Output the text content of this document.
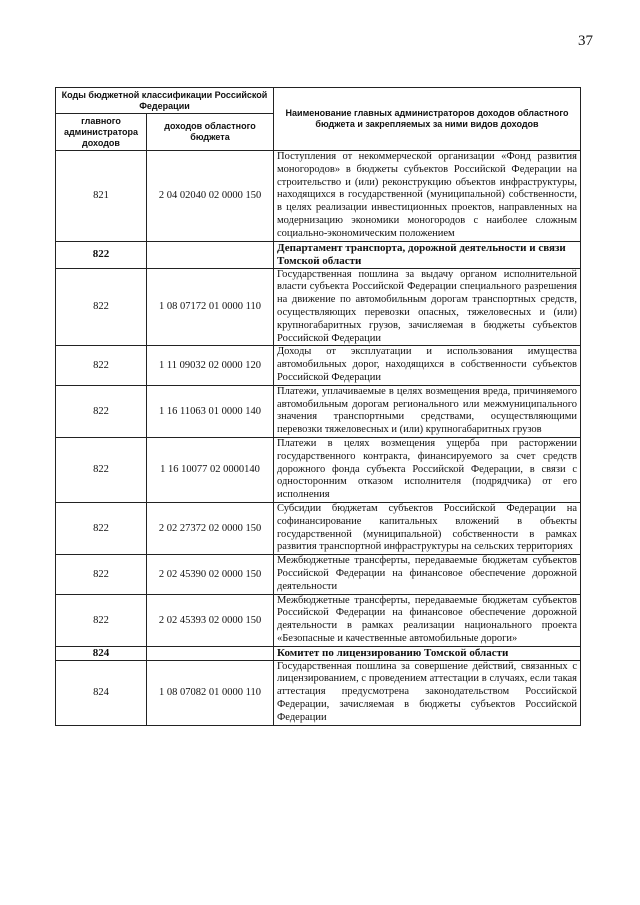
37
Коды бюджетной классификации Российской Федерации		Наименование главных администраторов доходов областного бюджета и закрепляемых за ними видов доходов
главного администратора доходов	доходов областного бюджета	
821	2 04 02040 02 0000 150	Поступления от некоммерческой организации «Фонд развития моногородов» в бюджеты субъектов Российской Федерации на строительство и (или) реконструкцию объектов инфраструктуры, находящихся в государственной (муниципальной) собственности, в целях реализации инвестиционных проектов, направленных на модернизацию экономики моногородов с наиболее сложным социально-экономическим положением
822		Департамент транспорта, дорожной деятельности и связи Томской области
822	1 08 07172 01 0000 110	Государственная пошлина за выдачу органом исполнительной власти субъекта Российской Федерации специального разрешения на движение по автомобильным дорогам транспортных средств, осуществляющих перевозки опасных, тяжеловесных и (или) крупногабаритных грузов, зачисляемая в бюджеты субъектов Российской Федерации
822	1 11 09032 02 0000 120	Доходы от эксплуатации и использования имущества автомобильных дорог, находящихся в собственности субъектов Российской Федерации
822	1 16 11063 01 0000 140	Платежи, уплачиваемые в целях возмещения вреда, причиняемого автомобильным дорогам регионального или межмуниципального значения транспортными средствами, осуществляющими перевозки тяжеловесных и (или) крупногабаритных грузов
822	1 16 10077 02 0000140	Платежи в целях возмещения ущерба при расторжении государственного контракта, финансируемого за счет средств дорожного фонда субъекта Российской Федерации, в связи с односторонним отказом исполнителя (подрядчика) от его исполнения
822	2 02 27372 02 0000 150	Субсидии бюджетам субъектов Российской Федерации на софинансирование капитальных вложений в объекты государственной (муниципальной) собственности в рамках развития транспортной инфраструктуры на сельских территориях
822	2 02 45390 02 0000 150	Межбюджетные трансферты, передаваемые бюджетам субъектов Российской Федерации на финансовое обеспечение дорожной деятельности
822	2 02 45393 02 0000 150	Межбюджетные трансферты, передаваемые бюджетам субъектов Российской Федерации на финансовое обеспечение дорожной деятельности в рамках реализации национального проекта «Безопасные и качественные автомобильные дороги»
824		Комитет по лицензированию Томской области
824	1 08 07082 01 0000 110	Государственная пошлина за совершение действий, связанных с лицензированием, с проведением аттестации в случаях, если такая аттестация предусмотрена законодательством Российской Федерации, зачисляемая в бюджеты субъектов Российской Федерации
